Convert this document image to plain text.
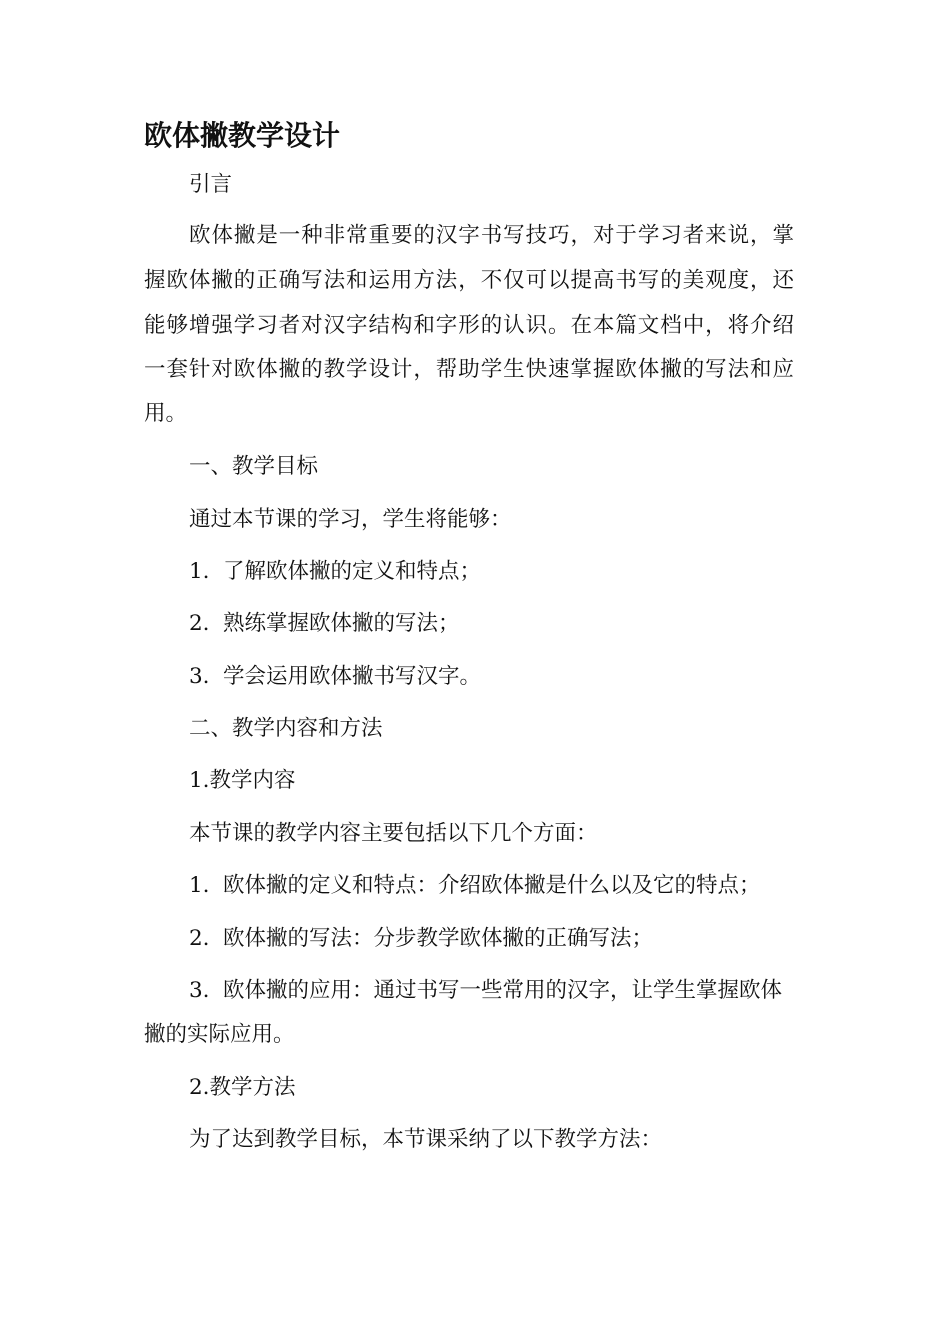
欧体撇教学设计

引言

欧体撇是一种非常重要的汉字书写技巧，对于学习者来说，掌

握欧体撇的正确写法和运用方法，不仅可以提高书写的美观度，还

能够增强学习者对汉字结构和字形的认识。在本篇文档中，将介绍

一套针对欧体撇的教学设计，帮助学生快速掌握欧体撇的写法和应

用。

一、教学目标

通过本节课的学习，学生将能够：

1. 了解欧体撇的定义和特点；

2. 熟练掌握欧体撇的写法；

3. 学会运用欧体撇书写汉字。

二、教学内容和方法

1.教学内容

本节课的教学内容主要包括以下几个方面：

1. 欧体撇的定义和特点：介绍欧体撇是什么以及它的特点；

2. 欧体撇的写法：分步教学欧体撇的正确写法；

3. 欧体撇的应用：通过书写一些常用的汉字，让学生掌握欧体

撇的实际应用。

2.教学方法

为了达到教学目标，本节课采纳了以下教学方法：
